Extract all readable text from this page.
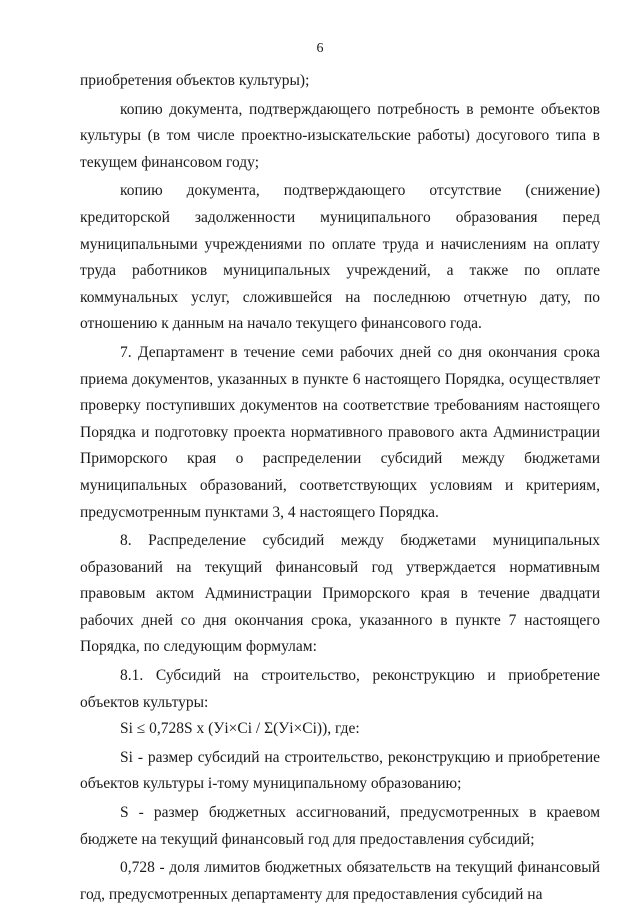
6

приобретения объектов культуры);

копию документа, подтверждающего потребность в ремонте объектов культуры (в том числе проектно-изыскательские работы) досугового типа в текущем финансовом году;

копию документа, подтверждающего отсутствие (снижение) кредиторской задолженности муниципального образования перед муниципальными учреждениями по оплате труда и начислениям на оплату труда работников муниципальных учреждений, а также по оплате коммунальных услуг, сложившейся на последнюю отчетную дату, по отношению к данным на начало текущего финансового года.

7. Департамент в течение семи рабочих дней со дня окончания срока приема документов, указанных в пункте 6 настоящего Порядка, осуществляет проверку поступивших документов на соответствие требованиям настоящего Порядка и подготовку проекта нормативного правового акта Администрации Приморского края о распределении субсидий между бюджетами муниципальных образований, соответствующих условиям и критериям, предусмотренным пунктами 3, 4 настоящего Порядка.

8. Распределение субсидий между бюджетами муниципальных образований на текущий финансовый год утверждается нормативным правовым актом Администрации Приморского края в течение двадцати рабочих дней со дня окончания срока, указанного в пункте 7 настоящего Порядка, по следующим формулам:

8.1. Субсидий на строительство, реконструкцию и приобретение объектов культуры:

Si ≤ 0,728S x (Уi×Ci / Σ(Уi×Ci)), где:

Si - размер субсидий на строительство, реконструкцию и приобретение объектов культуры i-тому муниципальному образованию;

S - размер бюджетных ассигнований, предусмотренных в краевом бюджете на текущий финансовый год для предоставления субсидий;

0,728 - доля лимитов бюджетных обязательств на текущий финансовый год, предусмотренных департаменту для предоставления субсидий на
